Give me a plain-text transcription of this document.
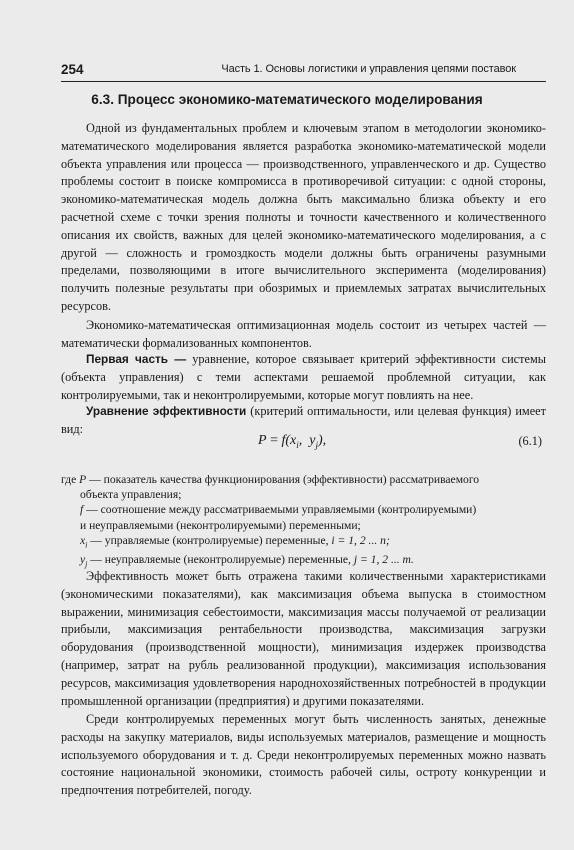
254	Часть 1. Основы логистики и управления цепями поставок
6.3. Процесс экономико-математического моделирования

Одной из фундаментальных проблем и ключевым этапом в методологии экономико-математического моделирования является разработка экономико-математической модели объекта управления или процесса — производственного, управленческого и др. Существо проблемы состоит в поиске компромисса в противоречивой ситуации: с одной стороны, экономико-математическая модель должна быть максимально близка объекту и его расчетной схеме с точки зрения полноты и точности качественного и количественного описания их свойств, важных для целей экономико-математического моделирования, а с другой — сложность и громоздкость модели должны быть ограничены разумными пределами, позволяющими в итоге вычислительного эксперимента (моделирования) получить полезные результаты при обозримых и приемлемых затратах вычислительных ресурсов.

Экономико-математическая оптимизационная модель состоит из четырех частей — математически формализованных компонентов.

Первая часть — уравнение, которое связывает критерий эффективности системы (объекта управления) с теми аспектами решаемой проблемной ситуации, как контролируемыми, так и неконтролируемыми, которые могут повлиять на нее.

Уравнение эффективности (критерий оптимальности, или целевая функция) имеет вид:

$P = f(x_i$,  $y_j$),	(6.1)

где P — показатель качества функционирования (эффективности) рассматриваемого

объекта управления;

f — соотношение между рассматриваемыми управляемыми (контролируемыми)

и неуправляемыми (неконтролируемыми) переменными;

$x_i$ — управляемые (контролируемые) переменные, i = 1, 2 ... n;

$y_j$ — неуправляемые (неконтролируемые) переменные, j = 1, 2 ... m.

Эффективность может быть отражена такими количественными характеристиками (экономическими показателями), как максимизация объема выпуска в стоимостном выражении, минимизация себестоимости, максимизация массы получаемой от реализации прибыли, максимизация рентабельности производства, максимизация загрузки оборудования (производственной мощности), минимизация издержек производства (например, затрат на рубль реализованной продукции), максимизация использования ресурсов, максимизация удовлетворения народнохозяйственных потребностей в продукции промышленной организации (предприятия) и другими показателями.

Среди контролируемых переменных могут быть численность занятых, денежные расходы на закупку материалов, виды используемых материалов, размещение и мощность используемого оборудования и т. д. Среди неконтролируемых переменных можно назвать состояние национальной экономики, стоимость рабочей силы, остроту конкуренции и предпочтения потребителей, погоду.
